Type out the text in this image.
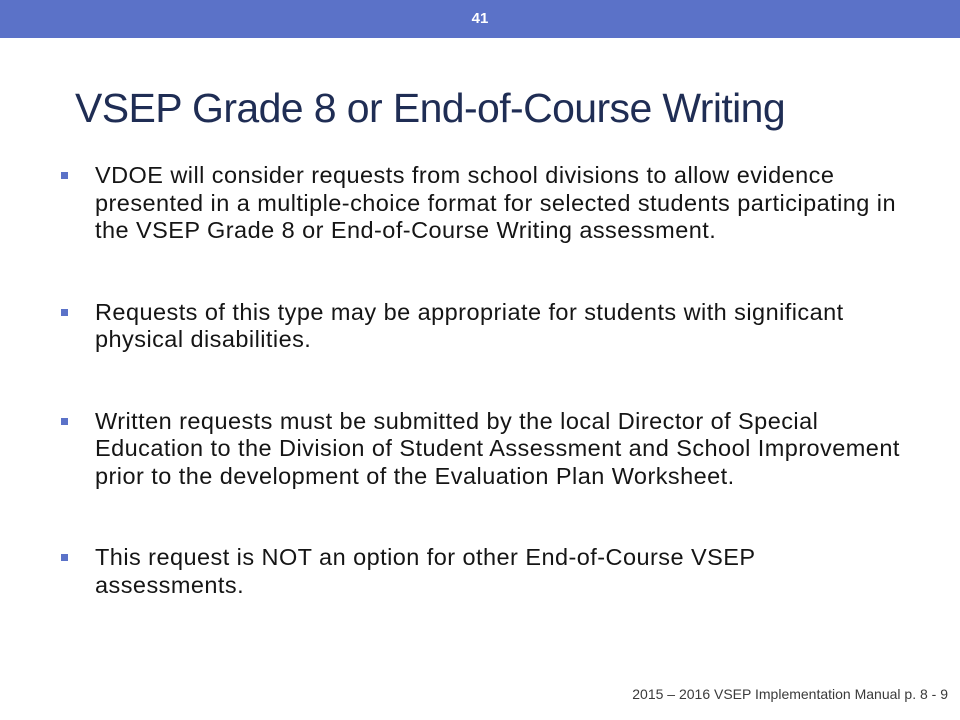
41
VSEP Grade 8 or End-of-Course Writing
VDOE will consider requests from school divisions to allow evidence presented in a multiple-choice format for selected students participating in the VSEP Grade 8 or End-of-Course Writing assessment.
Requests of this type may be appropriate for students with significant physical disabilities.
Written requests must be submitted by the local Director of Special Education to the Division of Student Assessment and School Improvement prior to the development of the Evaluation Plan Worksheet.
This request is NOT an option for other End-of-Course VSEP assessments.
2015 – 2016 VSEP Implementation Manual p. 8 - 9
